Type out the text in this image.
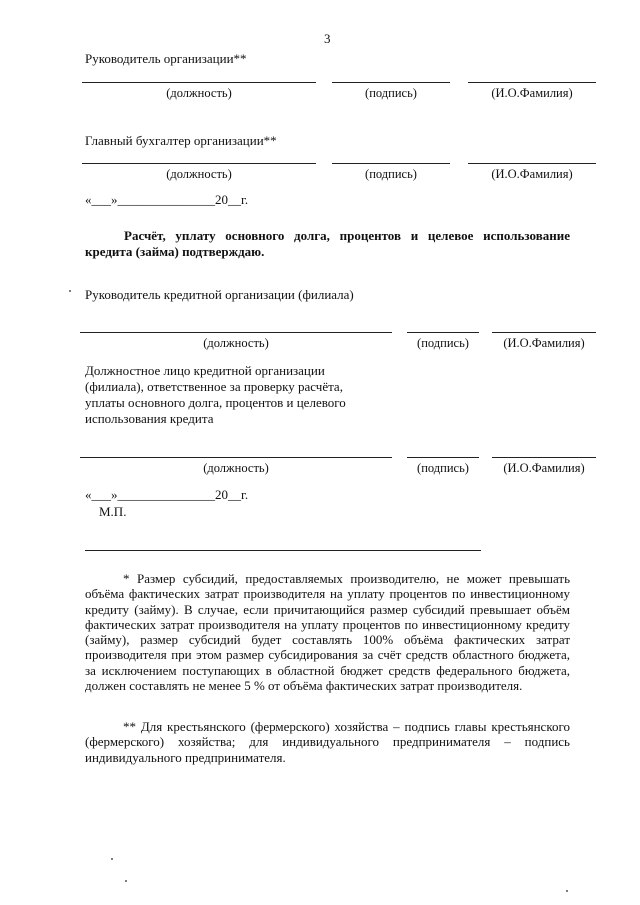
3
Руководитель организации**
(должность)	(подпись)	(И.О.Фамилия)
Главный бухгалтер организации**
(должность)	(подпись)	(И.О.Фамилия)
«___»_______________20__г.
Расчёт, уплату основного долга, процентов и целевое использование
кредита (займа) подтверждаю.
Руководитель кредитной организации (филиала)
(должность)	(подпись)	(И.О.Фамилия)
Должностное лицо кредитной организации
(филиала), ответственное за проверку расчёта,
уплаты основного долга, процентов и целевого
использования кредита
(должность)	(подпись)	(И.О.Фамилия)
«___»_______________20__г.
М.П.
* Размер субсидий, предоставляемых производителю, не может превышать объёма фактических затрат производителя на уплату процентов по инвестиционному кредиту (займу). В случае, если причитающийся размер субсидий превышает объём фактических затрат производителя на уплату процентов по инвестиционному кредиту (займу), размер субсидий будет составлять 100% объёма фактических затрат производителя при этом размер субсидирования за счёт средств областного бюджета, за исключением поступающих в областной бюджет средств федерального бюджета, должен составлять не менее 5 % от объёма фактических затрат производителя.
** Для крестьянского (фермерского) хозяйства – подпись главы крестьянского (фермерского) хозяйства; для индивидуального предпринимателя – подпись индивидуального предпринимателя.
